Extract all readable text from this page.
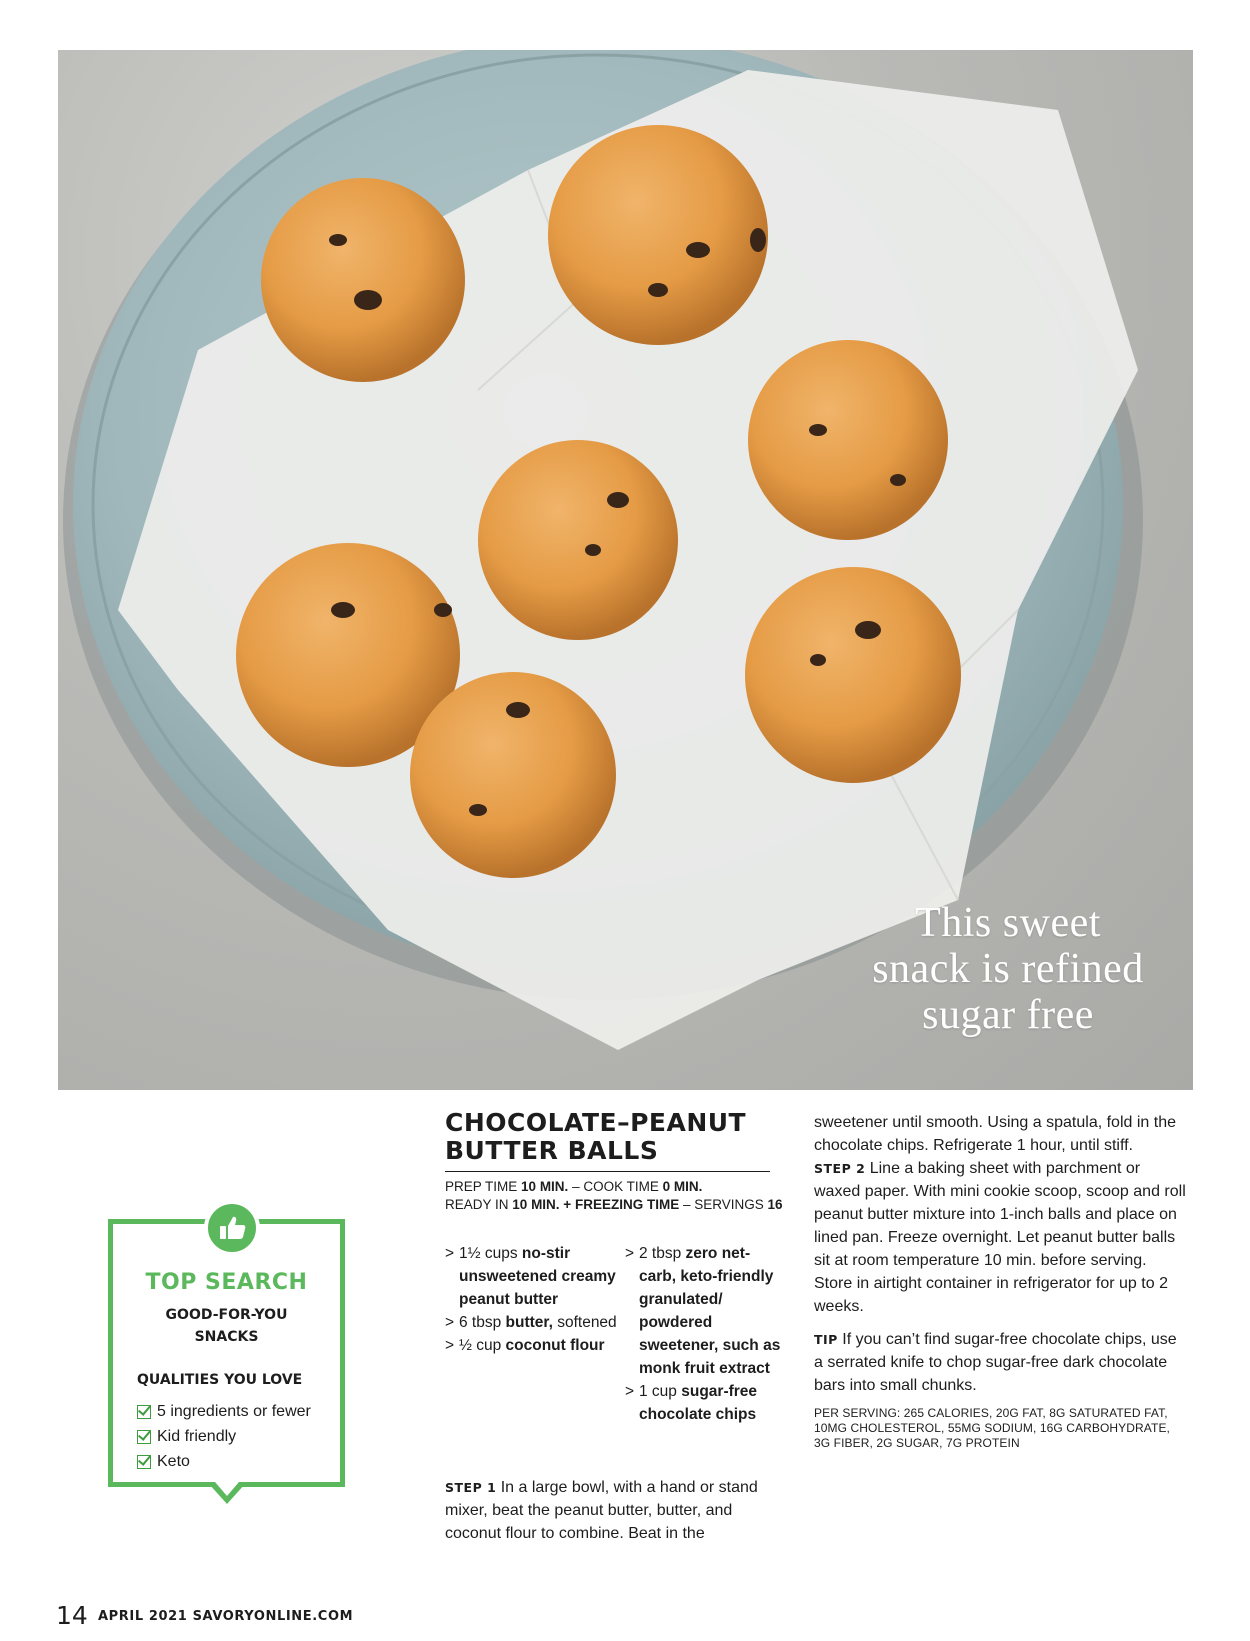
This sweet
snack is refined
sugar free
TOP SEARCH
GOOD-FOR-YOU
SNACKS
QUALITIES YOU LOVE
5 ingredients or fewer
Kid friendly
Keto
CHOCOLATE–PEANUT
BUTTER BALLS
PREP TIME 10 MIN. – COOK TIME 0 MIN.
READY IN 10 MIN. + FREEZING TIME – SERVINGS 16
> 1½ cups no-stir unsweetened creamy peanut butter
> 6 tbsp butter, softened
> ½ cup coconut flour
> 2 tbsp zero net-carb, keto-friendly granulated/ powdered sweetener, such as monk fruit extract
> 1 cup sugar-free chocolate chips

STEP 1 In a large bowl, with a hand or stand mixer, beat the peanut butter, butter, and coconut flour to combine. Beat in the

sweetener until smooth. Using a spatula, fold in the chocolate chips. Refrigerate 1 hour, until stiff.

STEP 2 Line a baking sheet with parchment or waxed paper. With mini cookie scoop, scoop and roll peanut butter mixture into 1-inch balls and place on lined pan. Freeze overnight. Let peanut butter balls sit at room temperature 10 min. before serving. Store in airtight container in refrigerator for up to 2 weeks.

TIP If you can’t find sugar-free chocolate chips, use a serrated knife to chop sugar-free dark chocolate bars into small chunks.

PER SERVING: 265 CALORIES, 20G FAT, 8G SATURATED FAT, 10MG CHOLESTEROL, 55MG SODIUM, 16G CARBOHYDRATE, 3G FIBER, 2G SUGAR, 7G PROTEIN

14 APRIL 2021 SAVORYONLINE.COM
